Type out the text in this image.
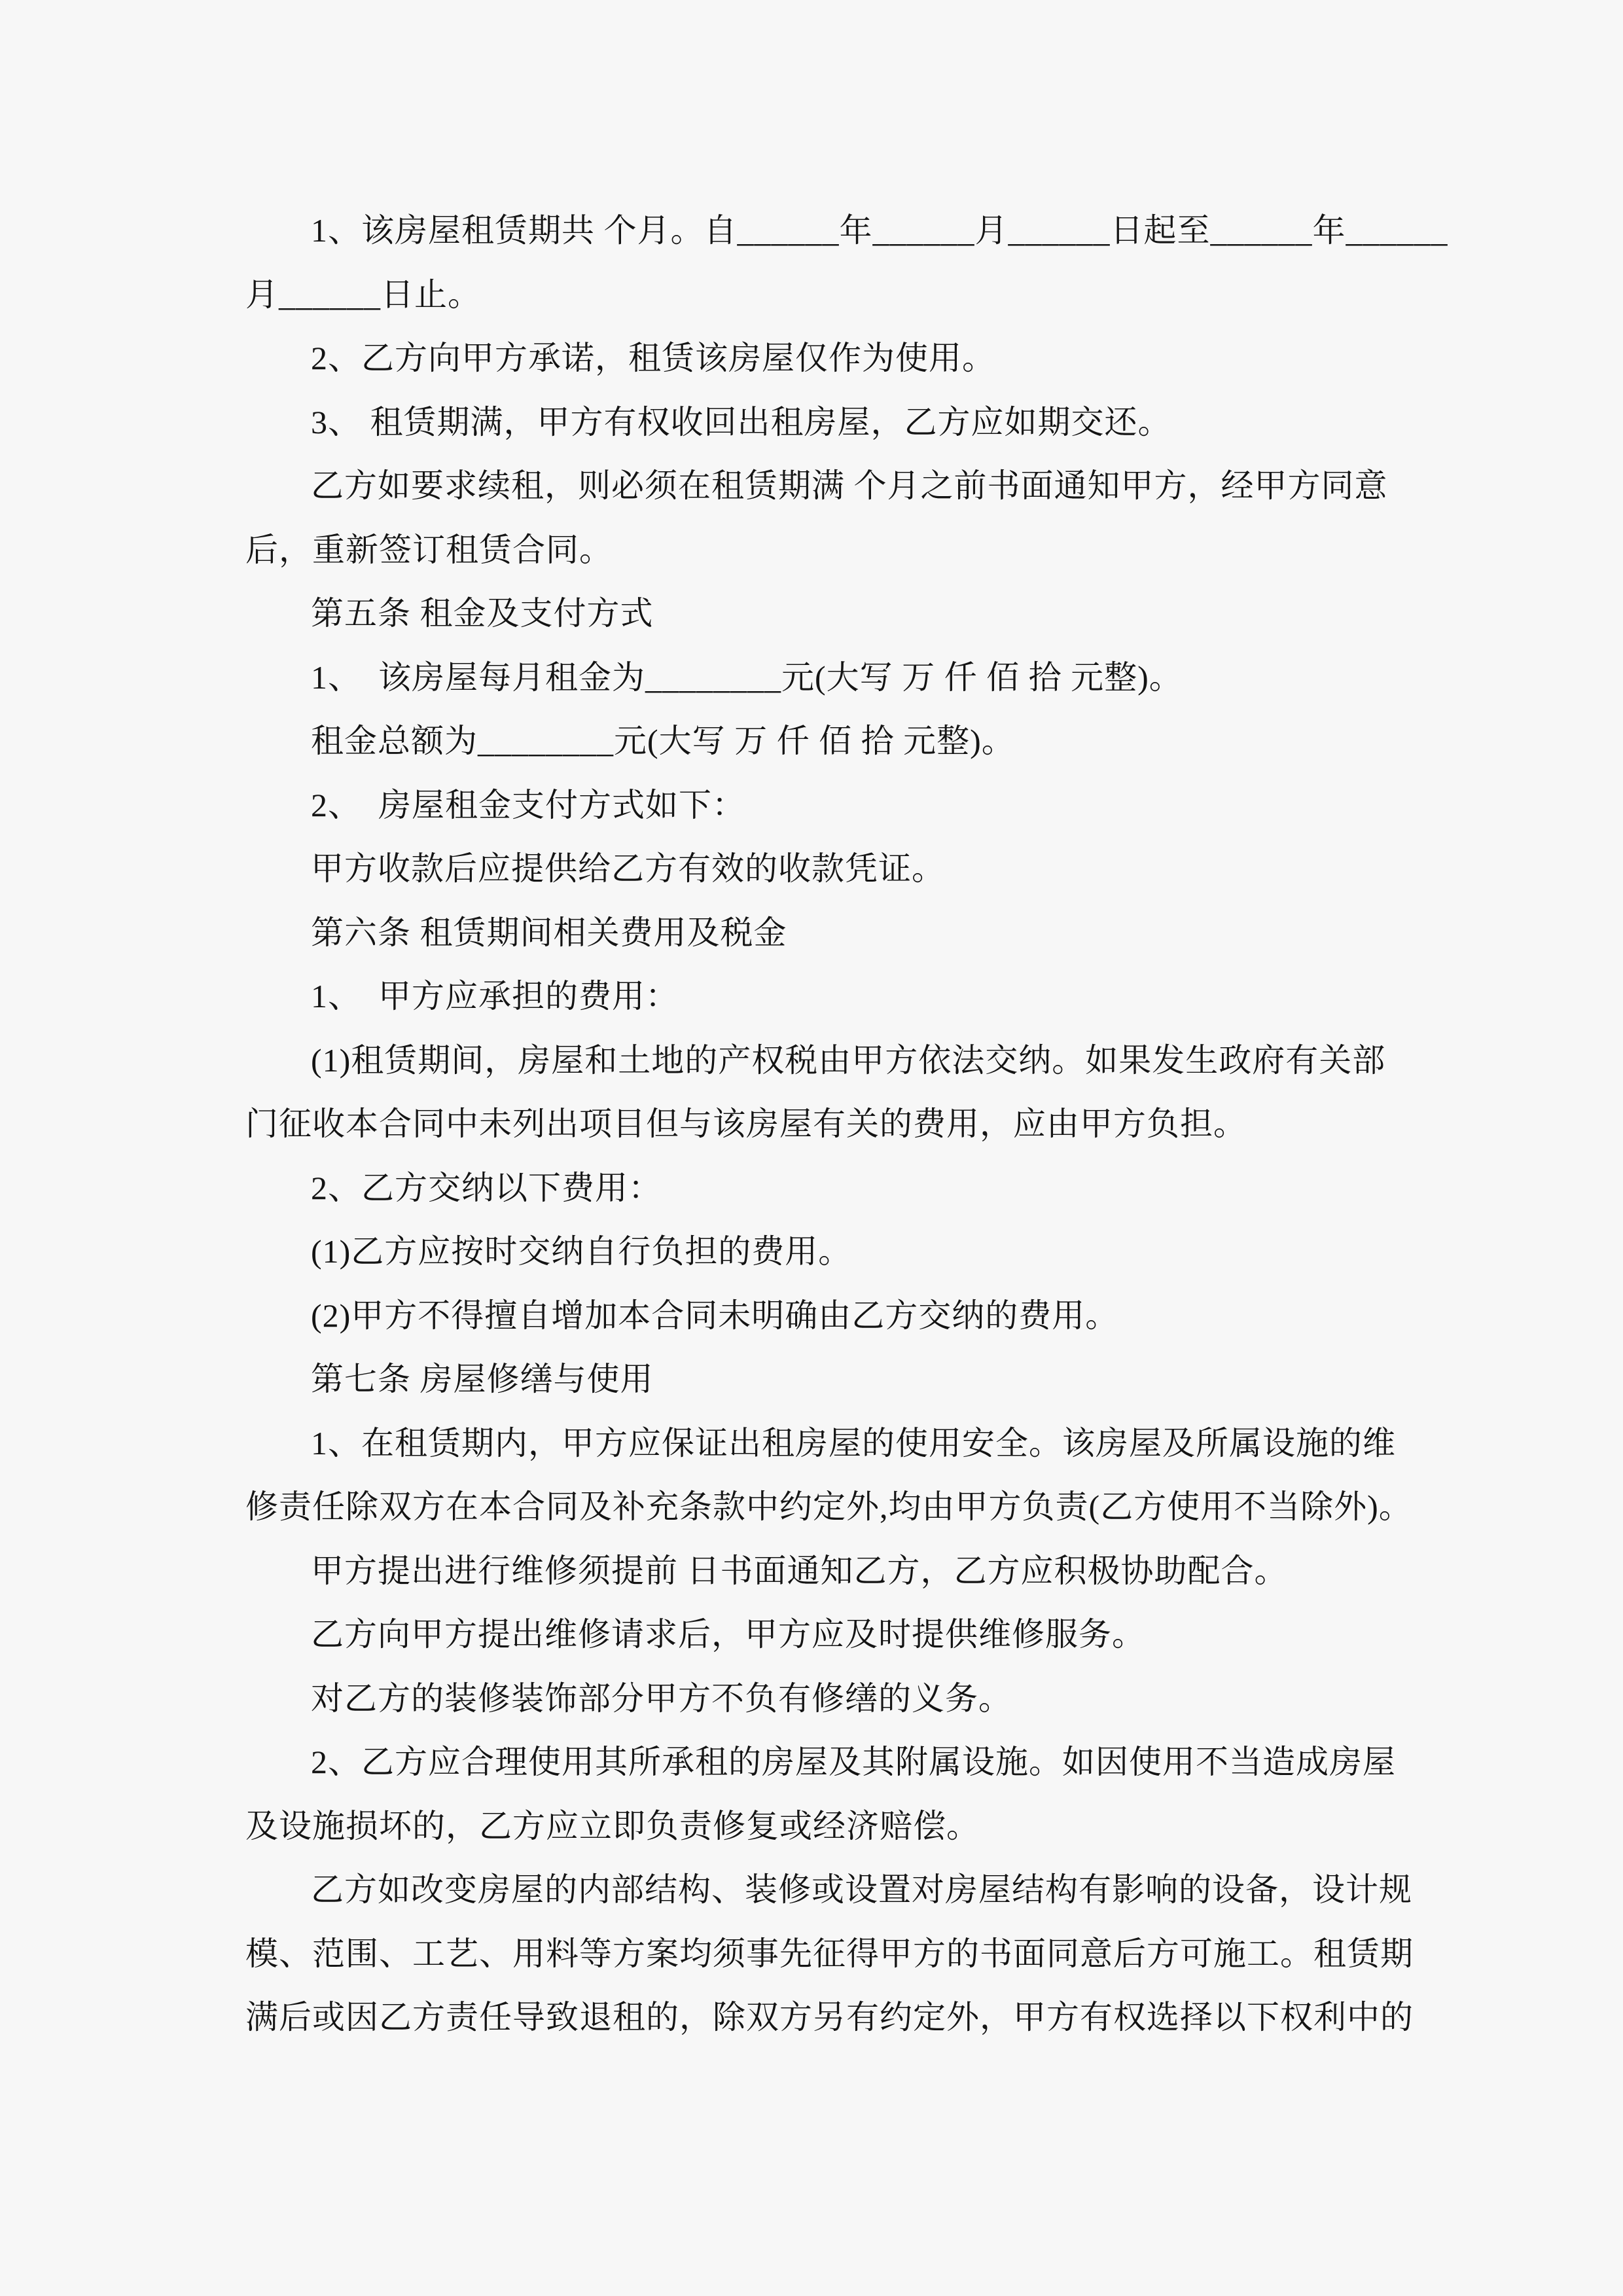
1、该房屋租赁期共 个月。自______年______月______日起至______年______
月______日止。
2、乙方向甲方承诺，租赁该房屋仅作为使用。
3、 租赁期满，甲方有权收回出租房屋，乙方应如期交还。
乙方如要求续租，则必须在租赁期满 个月之前书面通知甲方，经甲方同意
后，重新签订租赁合同。
第五条 租金及支付方式
1、　该房屋每月租金为________元(大写 万 仟 佰 拾 元整)。
租金总额为________元(大写 万 仟 佰 拾 元整)。
2、　房屋租金支付方式如下：
甲方收款后应提供给乙方有效的收款凭证。
第六条 租赁期间相关费用及税金
1、　甲方应承担的费用：
(1)租赁期间，房屋和土地的产权税由甲方依法交纳。如果发生政府有关部
门征收本合同中未列出项目但与该房屋有关的费用，应由甲方负担。
2、乙方交纳以下费用：
(1)乙方应按时交纳自行负担的费用。
(2)甲方不得擅自增加本合同未明确由乙方交纳的费用。
第七条 房屋修缮与使用
1、在租赁期内，甲方应保证出租房屋的使用安全。该房屋及所属设施的维
修责任除双方在本合同及补充条款中约定外,均由甲方负责(乙方使用不当除外)。
甲方提出进行维修须提前 日书面通知乙方，乙方应积极协助配合。
乙方向甲方提出维修请求后，甲方应及时提供维修服务。
对乙方的装修装饰部分甲方不负有修缮的义务。
2、乙方应合理使用其所承租的房屋及其附属设施。如因使用不当造成房屋
及设施损坏的，乙方应立即负责修复或经济赔偿。
乙方如改变房屋的内部结构、装修或设置对房屋结构有影响的设备，设计规
模、范围、工艺、用料等方案均须事先征得甲方的书面同意后方可施工。租赁期
满后或因乙方责任导致退租的，除双方另有约定外，甲方有权选择以下权利中的
